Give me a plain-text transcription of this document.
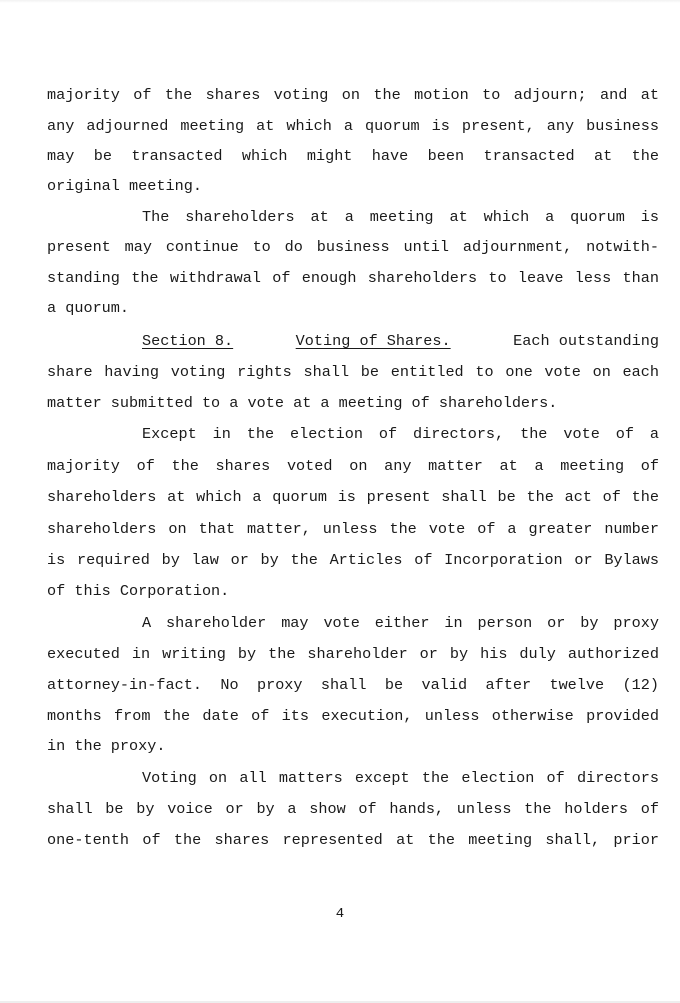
majority of the shares voting on the motion to adjourn; and at
any adjourned meeting at which a quorum is present, any business
may be transacted which might have been transacted at the
original meeting.
The shareholders at a meeting at which a quorum is
present may continue to do business until adjournment, notwith-
standing the withdrawal of enough shareholders to leave less than
a quorum.
Section 8.	Voting of Shares.	Each outstanding
share having voting rights shall be entitled to one vote on each
matter submitted to a vote at a meeting of shareholders.
Except in the election of directors, the vote of a
majority of the shares voted on any matter at a meeting of
shareholders at which a quorum is present shall be the act of the
shareholders on that matter, unless the vote of a greater number
is required by law or by the Articles of Incorporation or Bylaws
of this Corporation.
A shareholder may vote either in person or by proxy
executed in writing by the shareholder or by his duly authorized
attorney-in-fact. No proxy shall be valid after twelve (12)
months from the date of its execution, unless otherwise provided
in the proxy.
Voting on all matters except the election of directors
shall be by voice or by a show of hands, unless the holders of
one-tenth of the shares represented at the meeting shall, prior
4
